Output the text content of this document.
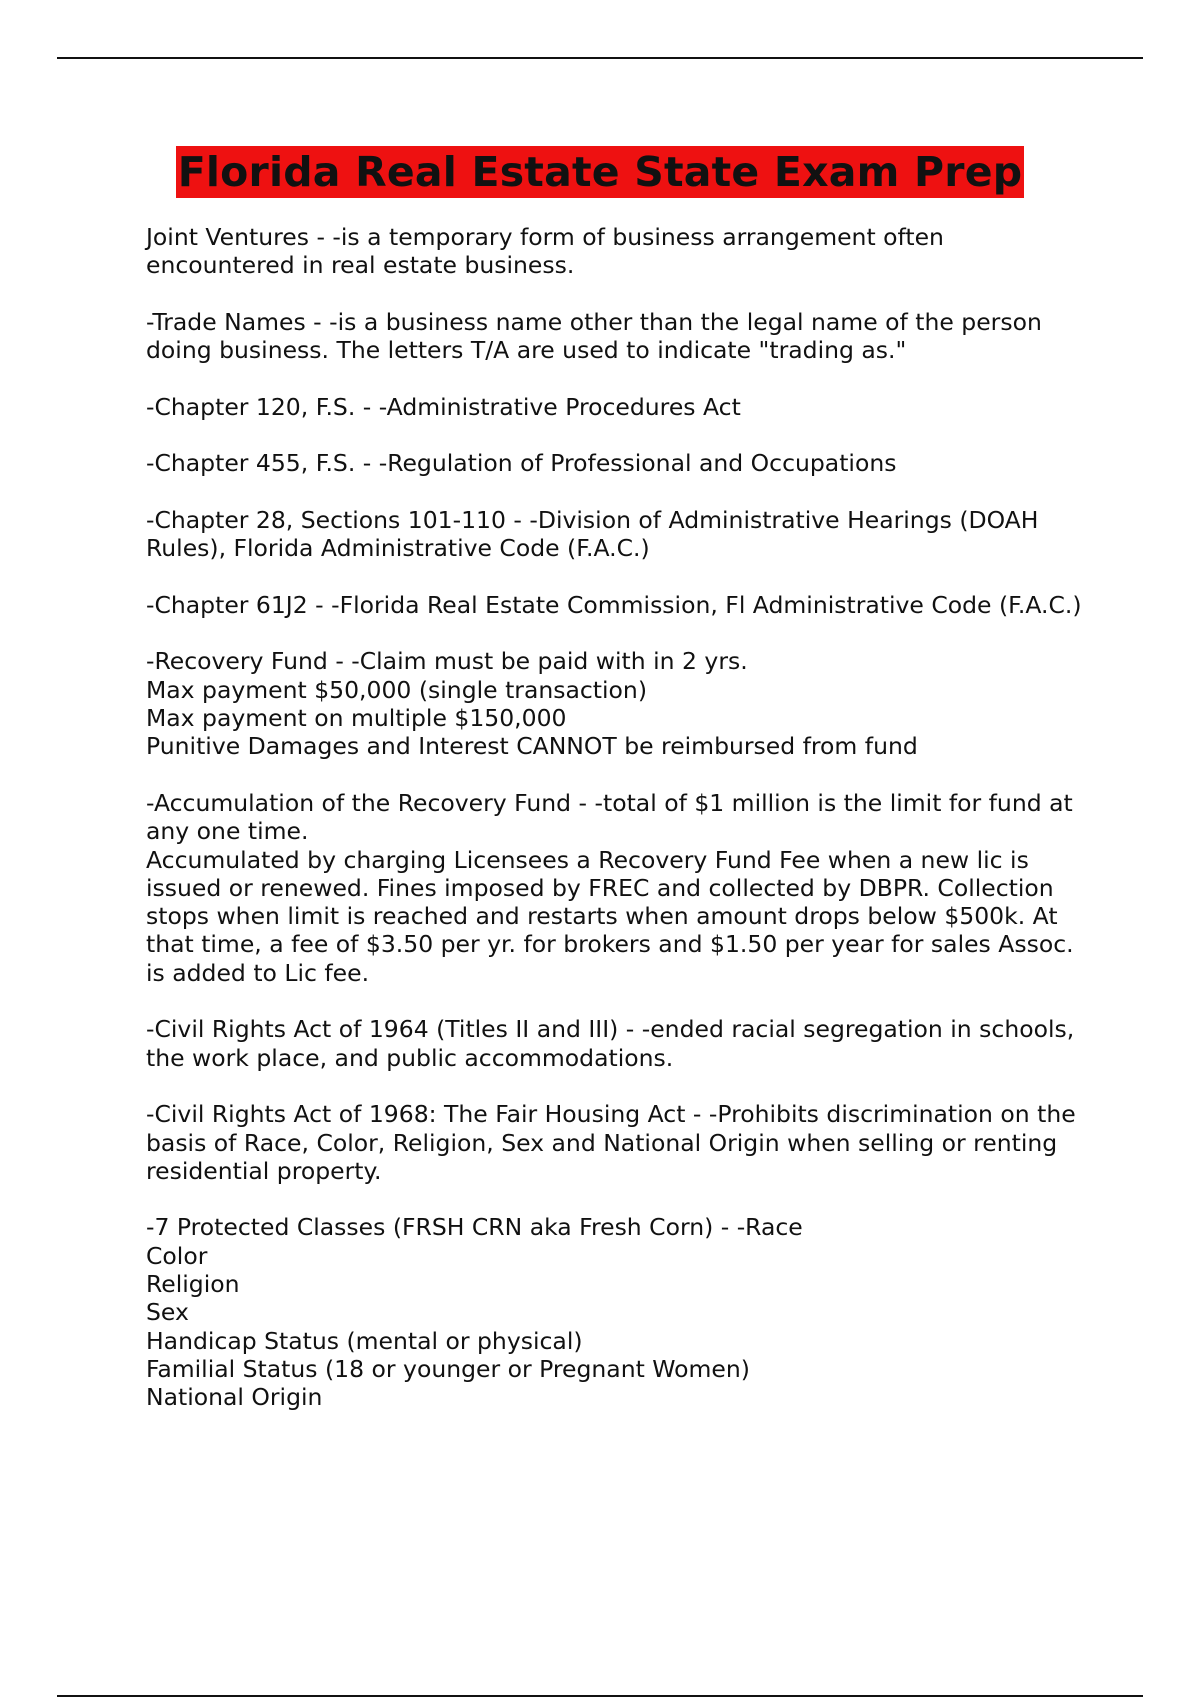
Florida Real Estate State Exam Prep

Joint Ventures - -is a temporary form of business arrangement often encountered in real estate business.

-Trade Names - -is a business name other than the legal name of the person doing business. The letters T/A are used to indicate "trading as."

-Chapter 120, F.S. - -Administrative Procedures Act

-Chapter 455, F.S. - -Regulation of Professional and Occupations

-Chapter 28, Sections 101-110 - -Division of Administrative Hearings (DOAH Rules), Florida Administrative Code (F.A.C.)

-Chapter 61J2 - -Florida Real Estate Commission, Fl Administrative Code (F.A.C.)

-Recovery Fund - -Claim must be paid with in 2 yrs.
Max payment $50,000 (single transaction)
Max payment on multiple $150,000
Punitive Damages and Interest CANNOT be reimbursed from fund

-Accumulation of the Recovery Fund - -total of $1 million is the limit for fund at any one time.
Accumulated by charging Licensees a Recovery Fund Fee when a new lic is issued or renewed. Fines imposed by FREC and collected by DBPR. Collection stops when limit is reached and restarts when amount drops below $500k. At that time, a fee of $3.50 per yr. for brokers and $1.50 per year for sales Assoc. is added to Lic fee.

-Civil Rights Act of 1964 (Titles II and III) - -ended racial segregation in schools, the work place, and public accommodations.

-Civil Rights Act of 1968: The Fair Housing Act - -Prohibits discrimination on the basis of Race, Color, Religion, Sex and National Origin when selling or renting residential property.

-7 Protected Classes (FRSH CRN aka Fresh Corn) - -Race
Color
Religion
Sex
Handicap Status (mental or physical)
Familial Status (18 or younger or Pregnant Women)
National Origin
